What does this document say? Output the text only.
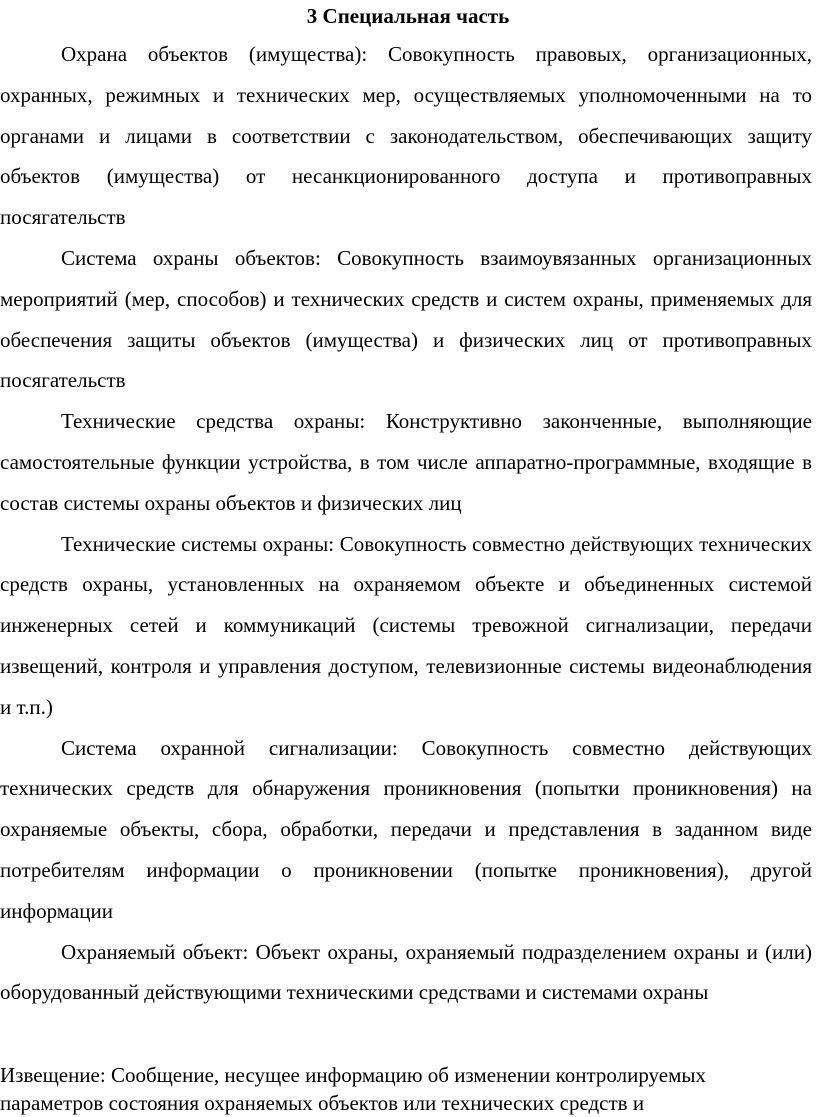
3 Специальная часть

Охрана объектов (имущества): Совокупность правовых, организационных, охранных, режимных и технических мер, осуществляемых уполномоченными на то органами и лицами в соответствии с законодательством, обеспечивающих защиту объектов (имущества) от несанкционированного доступа и противоправных посягательств

Система охраны объектов: Совокупность взаимоувязанных организационных мероприятий (мер, способов) и технических средств и систем охраны, применяемых для обеспечения защиты объектов (имущества) и физических лиц от противоправных посягательств

Технические средства охраны: Конструктивно законченные, выполняющие самостоятельные функции устройства, в том числе аппаратно-программные, входящие в состав системы охраны объектов и физических лиц

Технические системы охраны: Совокупность совместно действующих технических средств охраны, установленных на охраняемом объекте и объединенных системой инженерных сетей и коммуникаций (системы тревожной сигнализации, передачи извещений, контроля и управления доступом, телевизионные системы видеонаблюдения и т.п.)

Система охранной сигнализации: Совокупность совместно действующих технических средств для обнаружения проникновения (попытки проникновения) на охраняемые объекты, сбора, обработки, передачи и представления в заданном виде потребителям информации о проникновении (попытке проникновения), другой информации

Охраняемый объект: Объект охраны, охраняемый подразделением охраны и (или) оборудованный действующими техническими средствами и системами охраны

Извещение: Сообщение, несущее информацию об изменении контролируемых
параметров состояния охраняемых объектов или технических средств и
